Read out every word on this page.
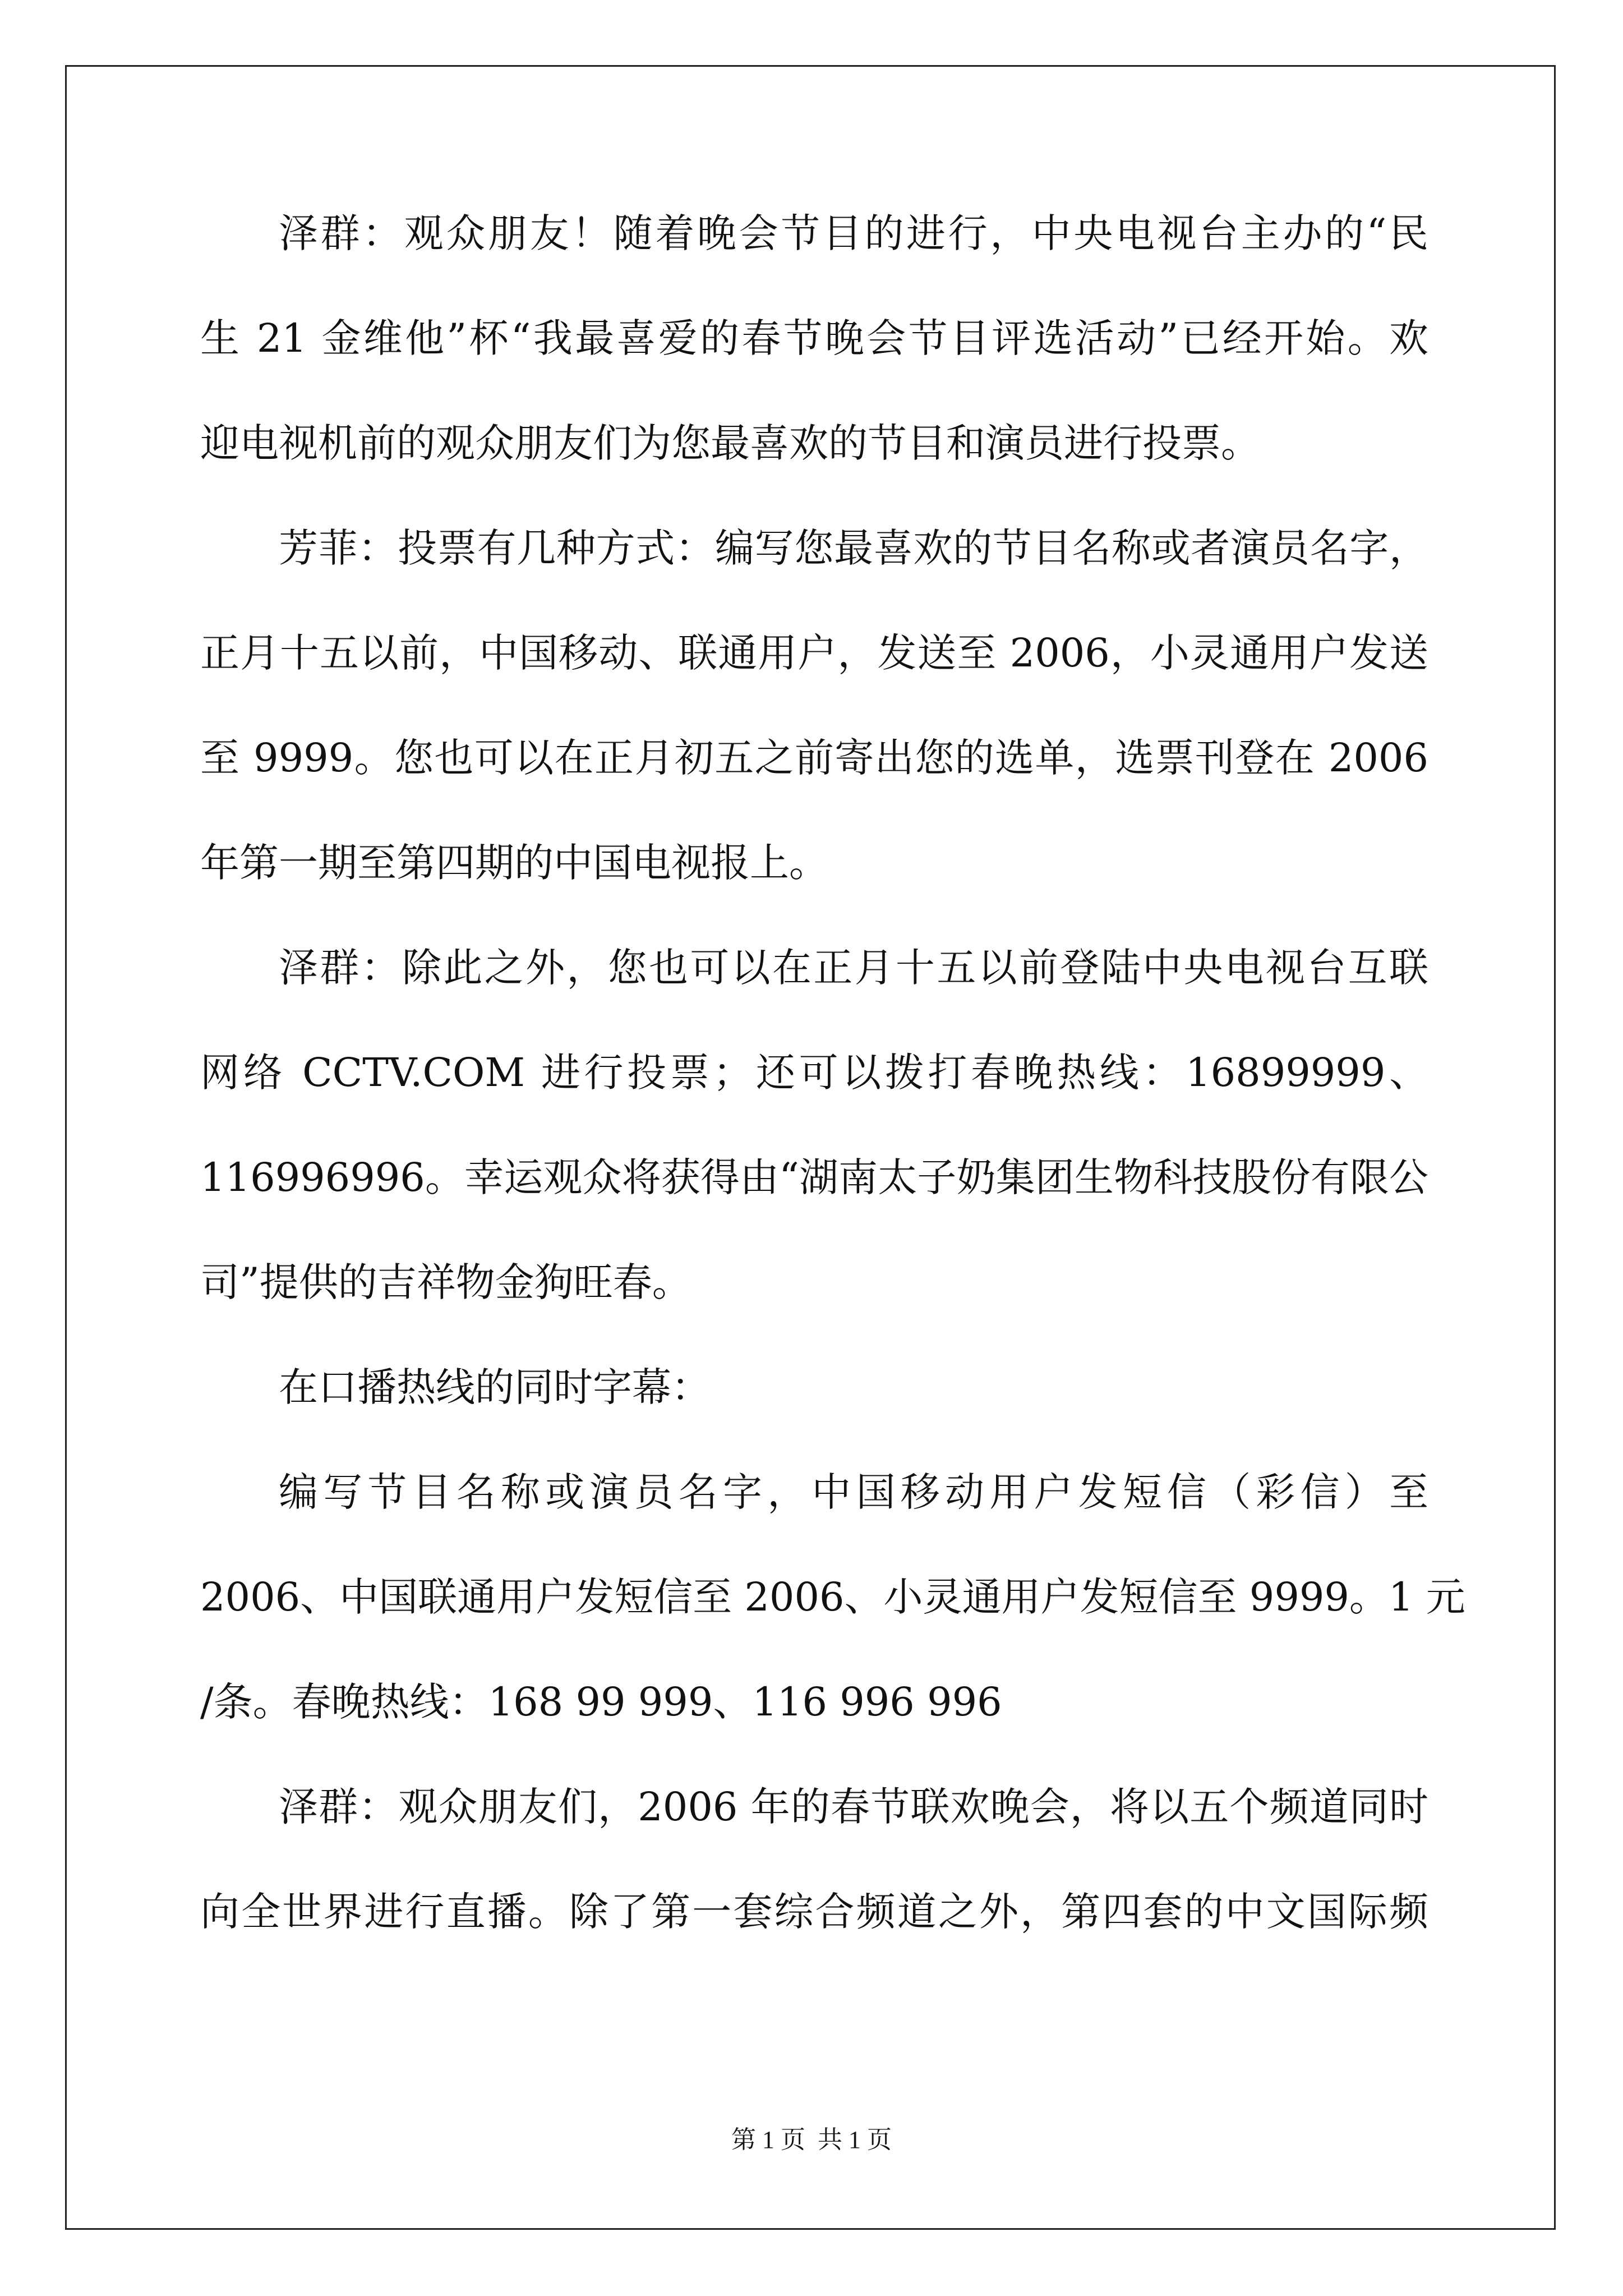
泽群：观众朋友！随着晚会节目的进行，中央电视台主办的“民
生 21 金维他”杯“我最喜爱的春节晚会节目评选活动”已经开始。欢
迎电视机前的观众朋友们为您最喜欢的节目和演员进行投票。
芳菲：投票有几种方式：编写您最喜欢的节目名称或者演员名字，
正月十五以前，中国移动、联通用户，发送至 2006，小灵通用户发送
至 9999。您也可以在正月初五之前寄出您的选单，选票刊登在 2006
年第一期至第四期的中国电视报上。
泽群：除此之外，您也可以在正月十五以前登陆中央电视台互联
网络 CCTV.COM 进行投票；还可以拨打春晚热线：16899999、
116996996。幸运观众将获得由“湖南太子奶集团生物科技股份有限公
司”提供的吉祥物金狗旺春。
在口播热线的同时字幕：
编写节目名称或演员名字，中国移动用户发短信（彩信）至
2006、中国联通用户发短信至 2006、小灵通用户发短信至 9999。1 元
/条。春晚热线：168 99 999、116 996 996
泽群：观众朋友们，2006 年的春节联欢晚会，将以五个频道同时
向全世界进行直播。除了第一套综合频道之外，第四套的中文国际频
第 1 页  共 1 页
